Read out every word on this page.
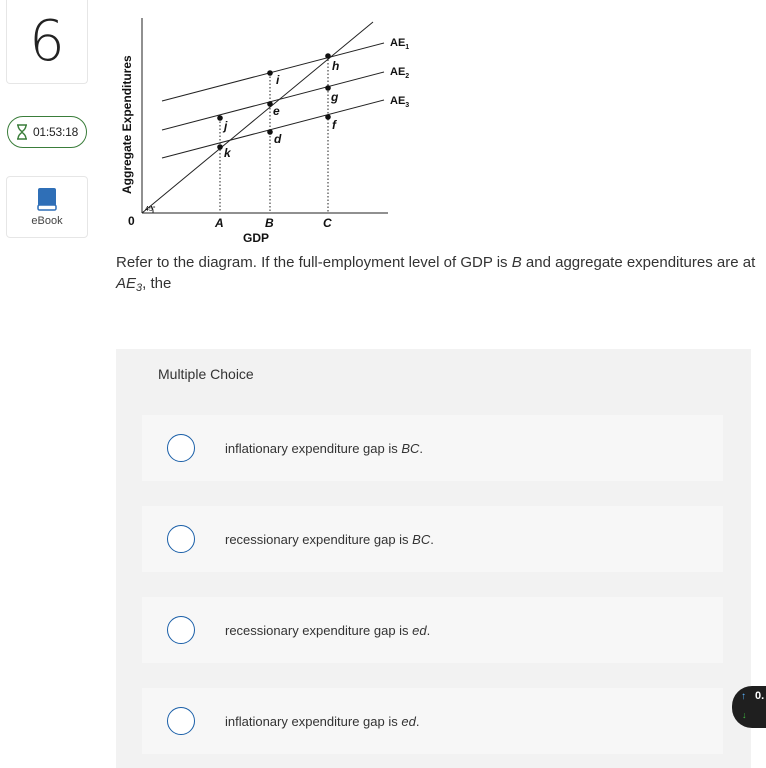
6
01:53:18
eBook
Aggregate Expenditures
GDP
0	A	B	C
45°
$AE_1$
$AE_2$
$AE_3$
h
i
g
e
j	f
d
k

Refer to the diagram. If the full-employment level of GDP is B and aggregate expenditures are at $AE_3$, the

Multiple Choice
inflationary expenditure gap is BC.
recessionary expenditure gap is BC.
recessionary expenditure gap is ed.
inflationary expenditure gap is ed.
↑ 0.
↓
